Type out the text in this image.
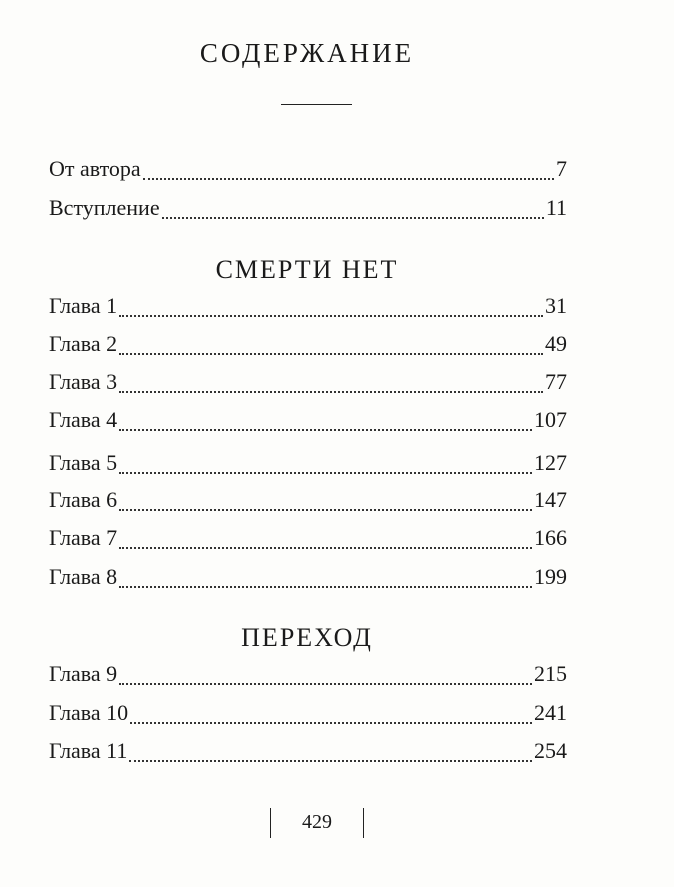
СОДЕРЖАНИЕ
От автора	7
Вступление	11
СМЕРТИ НЕТ
Глава 1	31
Глава 2	49
Глава 3	77
Глава 4	107
Глава 5	127
Глава 6	147
Глава 7	166
Глава 8	199
ПЕРЕХОД
Глава 9	215
Глава 10	241
Глава 11	254
429
